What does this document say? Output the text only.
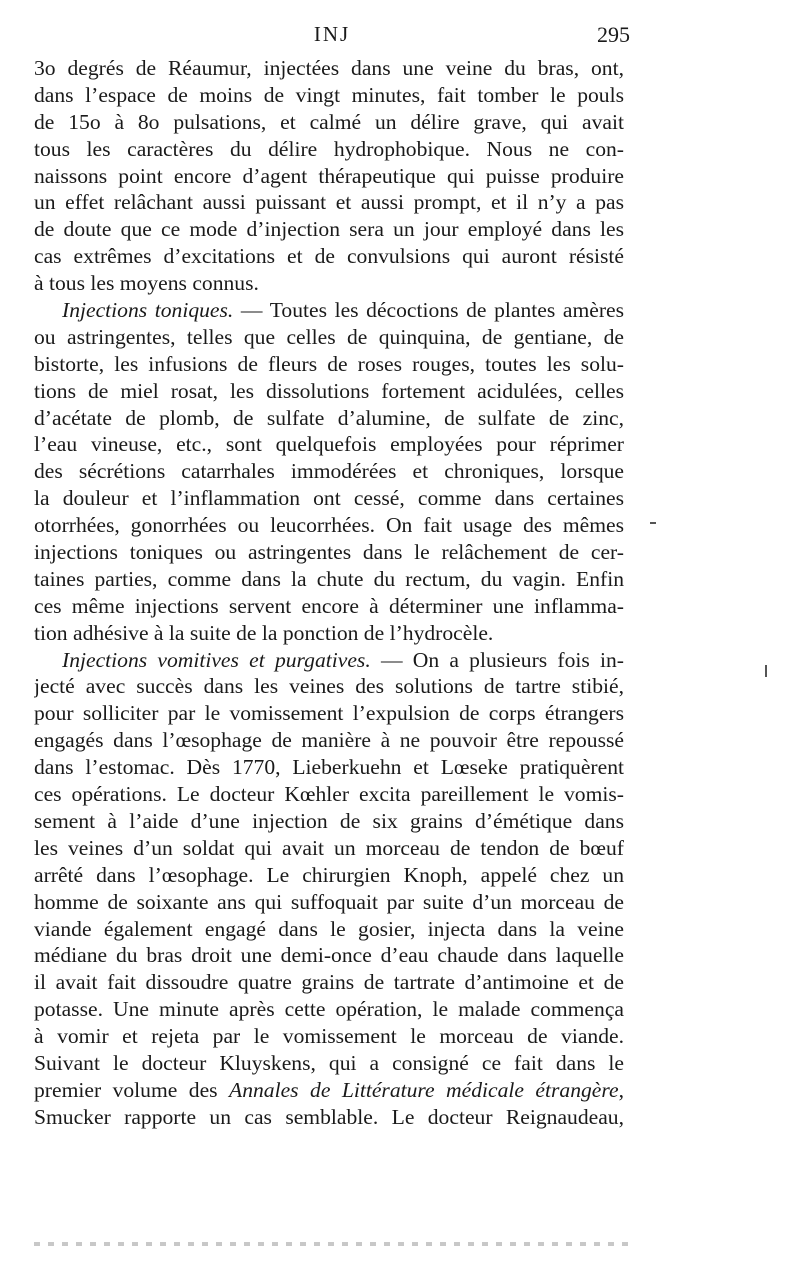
INJ	295
3o degrés de Réaumur, injectées dans une veine du bras, ont,
dans l’espace de moins de vingt minutes, fait tomber le pouls
de 15o à 8o pulsations, et calmé un délire grave, qui avait
tous les caractères du délire hydrophobique. Nous ne con-
naissons point encore d’agent thérapeutique qui puisse produire
un effet relâchant aussi puissant et aussi prompt, et il n’y a pas
de doute que ce mode d’injection sera un jour employé dans les
cas extrêmes d’excitations et de convulsions qui auront résisté
à tous les moyens connus.
Injections toniques. — Toutes les décoctions de plantes amères
ou astringentes, telles que celles de quinquina, de gentiane, de
bistorte, les infusions de fleurs de roses rouges, toutes les solu-
tions de miel rosat, les dissolutions fortement acidulées, celles
d’acétate de plomb, de sulfate d’alumine, de sulfate de zinc,
l’eau vineuse, etc., sont quelquefois employées pour réprimer
des sécrétions catarrhales immodérées et chroniques, lorsque
la douleur et l’inflammation ont cessé, comme dans certaines
otorrhées, gonorrhées ou leucorrhées. On fait usage des mêmes
injections toniques ou astringentes dans le relâchement de cer-
taines parties, comme dans la chute du rectum, du vagin. Enfin
ces même injections servent encore à déterminer une inflamma-
tion adhésive à la suite de la ponction de l’hydrocèle.
Injections vomitives et purgatives. — On a plusieurs fois in-
jecté avec succès dans les veines des solutions de tartre stibié,
pour solliciter par le vomissement l’expulsion de corps étrangers
engagés dans l’œsophage de manière à ne pouvoir être repoussé
dans l’estomac. Dès 1770, Lieberkuehn et Lœseke pratiquèrent
ces opérations. Le docteur Kœhler excita pareillement le vomis-
sement à l’aide d’une injection de six grains d’émétique dans
les veines d’un soldat qui avait un morceau de tendon de bœuf
arrêté dans l’œsophage. Le chirurgien Knoph, appelé chez un
homme de soixante ans qui suffoquait par suite d’un morceau de
viande également engagé dans le gosier, injecta dans la veine
médiane du bras droit une demi-once d’eau chaude dans laquelle
il avait fait dissoudre quatre grains de tartrate d’antimoine et de
potasse. Une minute après cette opération, le malade commença
à vomir et rejeta par le vomissement le morceau de viande.
Suivant le docteur Kluyskens, qui a consigné ce fait dans le
premier volume des Annales de Littérature médicale étrangère,
Smucker rapporte un cas semblable. Le docteur Reignaudeau,
